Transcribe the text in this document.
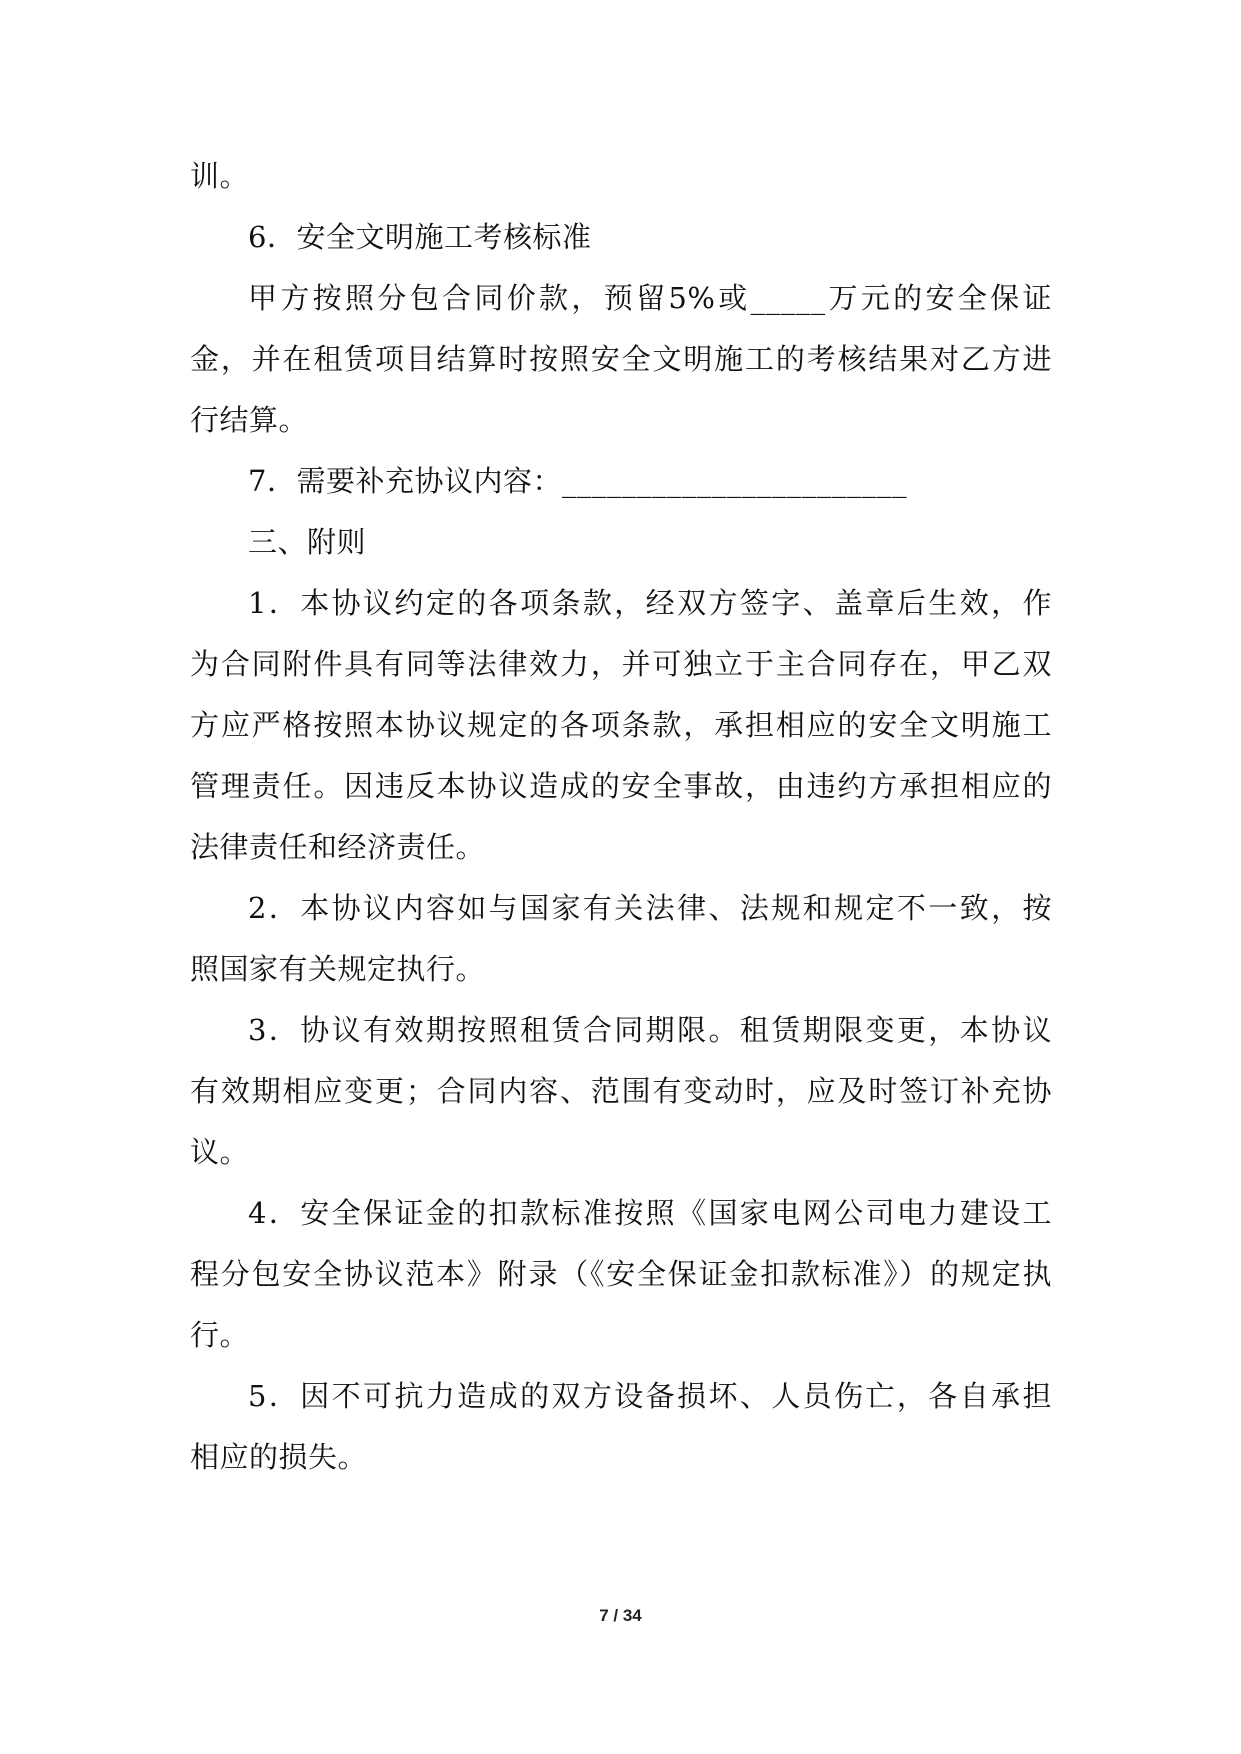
训。
6．安全文明施工考核标准
甲方按照分包合同价款，预留5%或_____万元的安全保证
金，并在租赁项目结算时按照安全文明施工的考核结果对乙方进
行结算。
7．需要补充协议内容：_______________________
三、附则
1．本协议约定的各项条款，经双方签字、盖章后生效，作
为合同附件具有同等法律效力，并可独立于主合同存在，甲乙双
方应严格按照本协议规定的各项条款，承担相应的安全文明施工
管理责任。因违反本协议造成的安全事故，由违约方承担相应的
法律责任和经济责任。
2．本协议内容如与国家有关法律、法规和规定不一致，按
照国家有关规定执行。
3．协议有效期按照租赁合同期限。租赁期限变更，本协议
有效期相应变更；合同内容、范围有变动时，应及时签订补充协
议。
4．安全保证金的扣款标准按照《国家电网公司电力建设工
程分包安全协议范本》附录（《安全保证金扣款标准》）的规定执
行。
5．因不可抗力造成的双方设备损坏、人员伤亡，各自承担
相应的损失。
7 / 34
